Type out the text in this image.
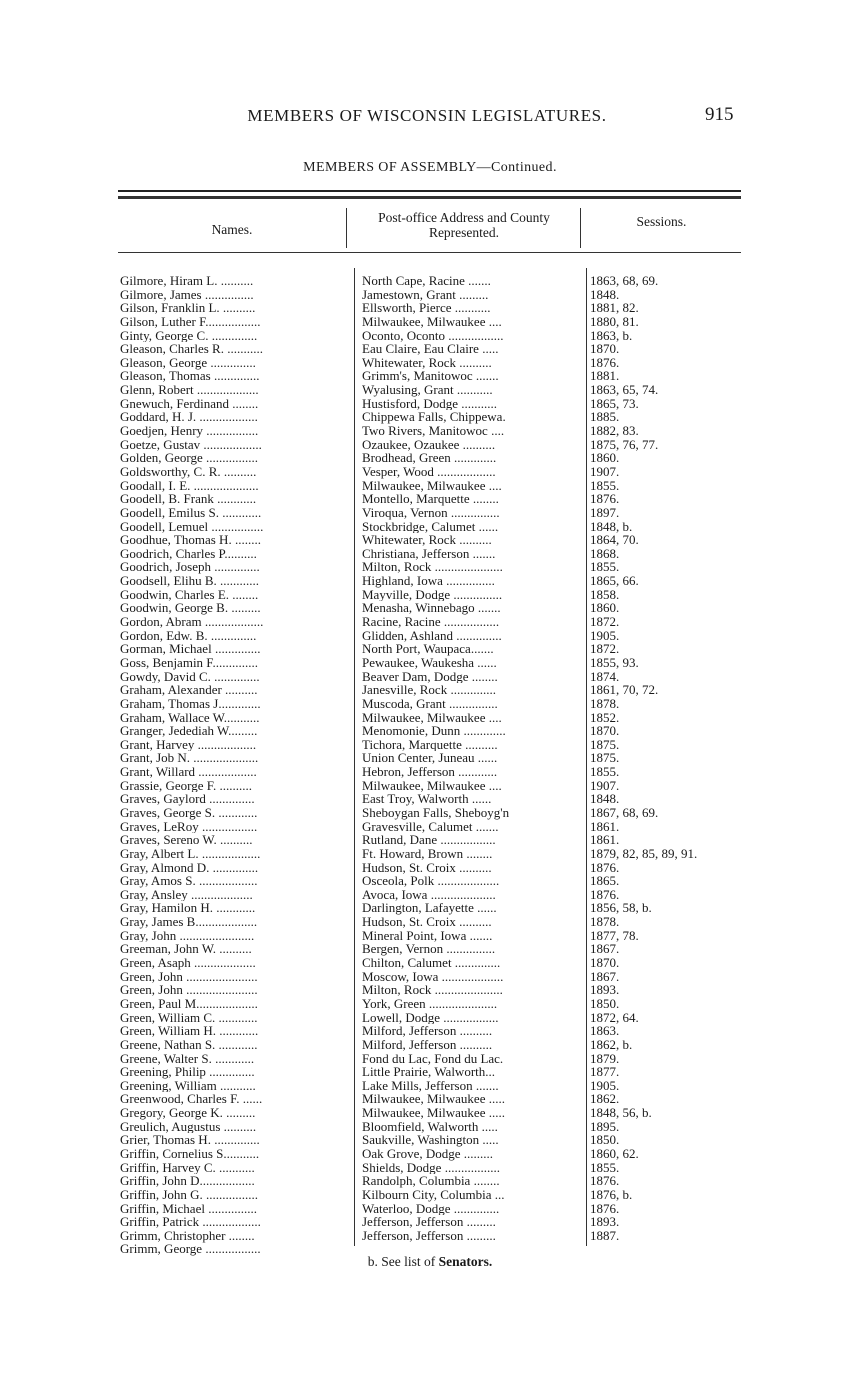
MEMBERS OF WISCONSIN LEGISLATURES.	915
MEMBERS OF ASSEMBLY—Continued.
Names.
Post-office Address and County Represented.
Sessions.
Gilmore, Hiram L. ..........	North Cape, Racine .......	1863, 68, 69.
Gilmore, James ...............	Jamestown, Grant .........	1848.
Gilson, Franklin L. ..........	Ellsworth, Pierce ...........	1881, 82.
Gilson, Luther F.................	Milwaukee, Milwaukee ....	1880, 81.
Ginty, George C. ..............	Oconto, Oconto .................	1863, b.
Gleason, Charles R. ...........	Eau Claire, Eau Claire .....	1870.
Gleason, George ..............	Whitewater, Rock ..........	1876.
Gleason, Thomas ..............	Grimm's, Manitowoc .......	1881.
Glenn, Robert ...................	Wyalusing, Grant ...........	1863, 65, 74.
Gnewuch, Ferdinand ........	Hustisford, Dodge ...........	1865, 73.
Goddard, H. J. ..................	Chippewa Falls, Chippewa.	1885.
Goedjen, Henry ................	Two Rivers, Manitowoc ....	1882, 83.
Goetze, Gustav ..................	Ozaukee, Ozaukee ..........	1875, 76, 77.
Golden, George ................	Brodhead, Green .............	1860.
Goldsworthy, C. R. ..........	Vesper, Wood ..................	1907.
Goodall, I. E. ....................	Milwaukee, Milwaukee ....	1855.
Goodell, B. Frank ............	Montello, Marquette ........	1876.
Goodell, Emilus S. ............	Viroqua, Vernon ...............	1897.
Goodell, Lemuel ................	Stockbridge, Calumet ......	1848, b.
Goodhue, Thomas H. ........	Whitewater, Rock ..........	1864, 70.
Goodrich, Charles P..........	Christiana, Jefferson .......	1868.
Goodrich, Joseph ..............	Milton, Rock .....................	1855.
Goodsell, Elihu B. ............	Highland, Iowa ...............	1865, 66.
Goodwin, Charles E. ........	Mayville, Dodge ...............	1858.
Goodwin, George B. .........	Menasha, Winnebago .......	1860.
Gordon, Abram ..................	Racine, Racine .................	1872.
Gordon, Edw. B. ..............	Glidden, Ashland ..............	1905.
Gorman, Michael ..............	North Port, Waupaca.......	1872.
Goss, Benjamin F..............	Pewaukee, Waukesha ......	1855, 93.
Gowdy, David C. ..............	Beaver Dam, Dodge ........	1874.
Graham, Alexander ..........	Janesville, Rock ..............	1861, 70, 72.
Graham, Thomas J.............	Muscoda, Grant ...............	1878.
Graham, Wallace W...........	Milwaukee, Milwaukee ....	1852.
Granger, Jedediah W.........	Menomonie, Dunn .............	1870.
Grant, Harvey ..................	Tichora, Marquette ..........	1875.
Grant, Job N. ....................	Union Center, Juneau ......	1875.
Grant, Willard ..................	Hebron, Jefferson ............	1855.
Grassie, George F. ..........	Milwaukee, Milwaukee ....	1907.
Graves, Gaylord ..............	East Troy, Walworth ......	1848.
Graves, George S. ............	Sheboygan Falls, Sheboyg'n	1867, 68, 69.
Graves, LeRoy .................	Gravesville, Calumet .......	1861.
Graves, Sereno W. ..........	Rutland, Dane .................	1861.
Gray, Albert L. ..................	Ft. Howard, Brown ........	1879, 82, 85, 89, 91.
Gray, Almond D. ..............	Hudson, St. Croix ..........	1876.
Gray, Amos S. ..................	Osceola, Polk ...................	1865.
Gray, Ansley ...................	Avoca, Iowa ....................	1876.
Gray, Hamilon H. ............	Darlington, Lafayette ......	1856, 58, b.
Gray, James B...................	Hudson, St. Croix ..........	1878.
Gray, John .......................	Mineral Point, Iowa .......	1877, 78.
Greeman, John W. ..........	Bergen, Vernon ...............	1867.
Green, Asaph ...................	Chilton, Calumet ..............	1870.
Green, John ......................	Moscow, Iowa ...................	1867.
Green, John ......................	Milton, Rock .....................	1893.
Green, Paul M...................	York, Green .....................	1850.
Green, William C. ............	Lowell, Dodge .................	1872, 64.
Green, William H. ............	Milford, Jefferson ..........	1863.
Greene, Nathan S. ............	Milford, Jefferson ..........	1862, b.
Greene, Walter S. ............	Fond du Lac, Fond du Lac.	1879.
Greening, Philip ..............	Little Prairie, Walworth...	1877.
Greening, William ...........	Lake Mills, Jefferson .......	1905.
Greenwood, Charles F. ......	Milwaukee, Milwaukee .....	1862.
Gregory, George K. .........	Milwaukee, Milwaukee .....	1848, 56, b.
Greulich, Augustus ..........	Bloomfield, Walworth .....	1895.
Grier, Thomas H. ..............	Saukville, Washington .....	1850.
Griffin, Cornelius S...........	Oak Grove, Dodge .........	1860, 62.
Griffin, Harvey C. ...........	Shields, Dodge .................	1855.
Griffin, John D.................	Randolph, Columbia ........	1876.
Griffin, John G. ................	Kilbourn City, Columbia ...	1876, b.
Griffin, Michael ...............	Waterloo, Dodge ..............	1876.
Griffin, Patrick ..................	Jefferson, Jefferson .........	1893.
Grimm, Christopher ........	Jefferson, Jefferson .........	1887.
Grimm, George .................
b. See list of Senators.
